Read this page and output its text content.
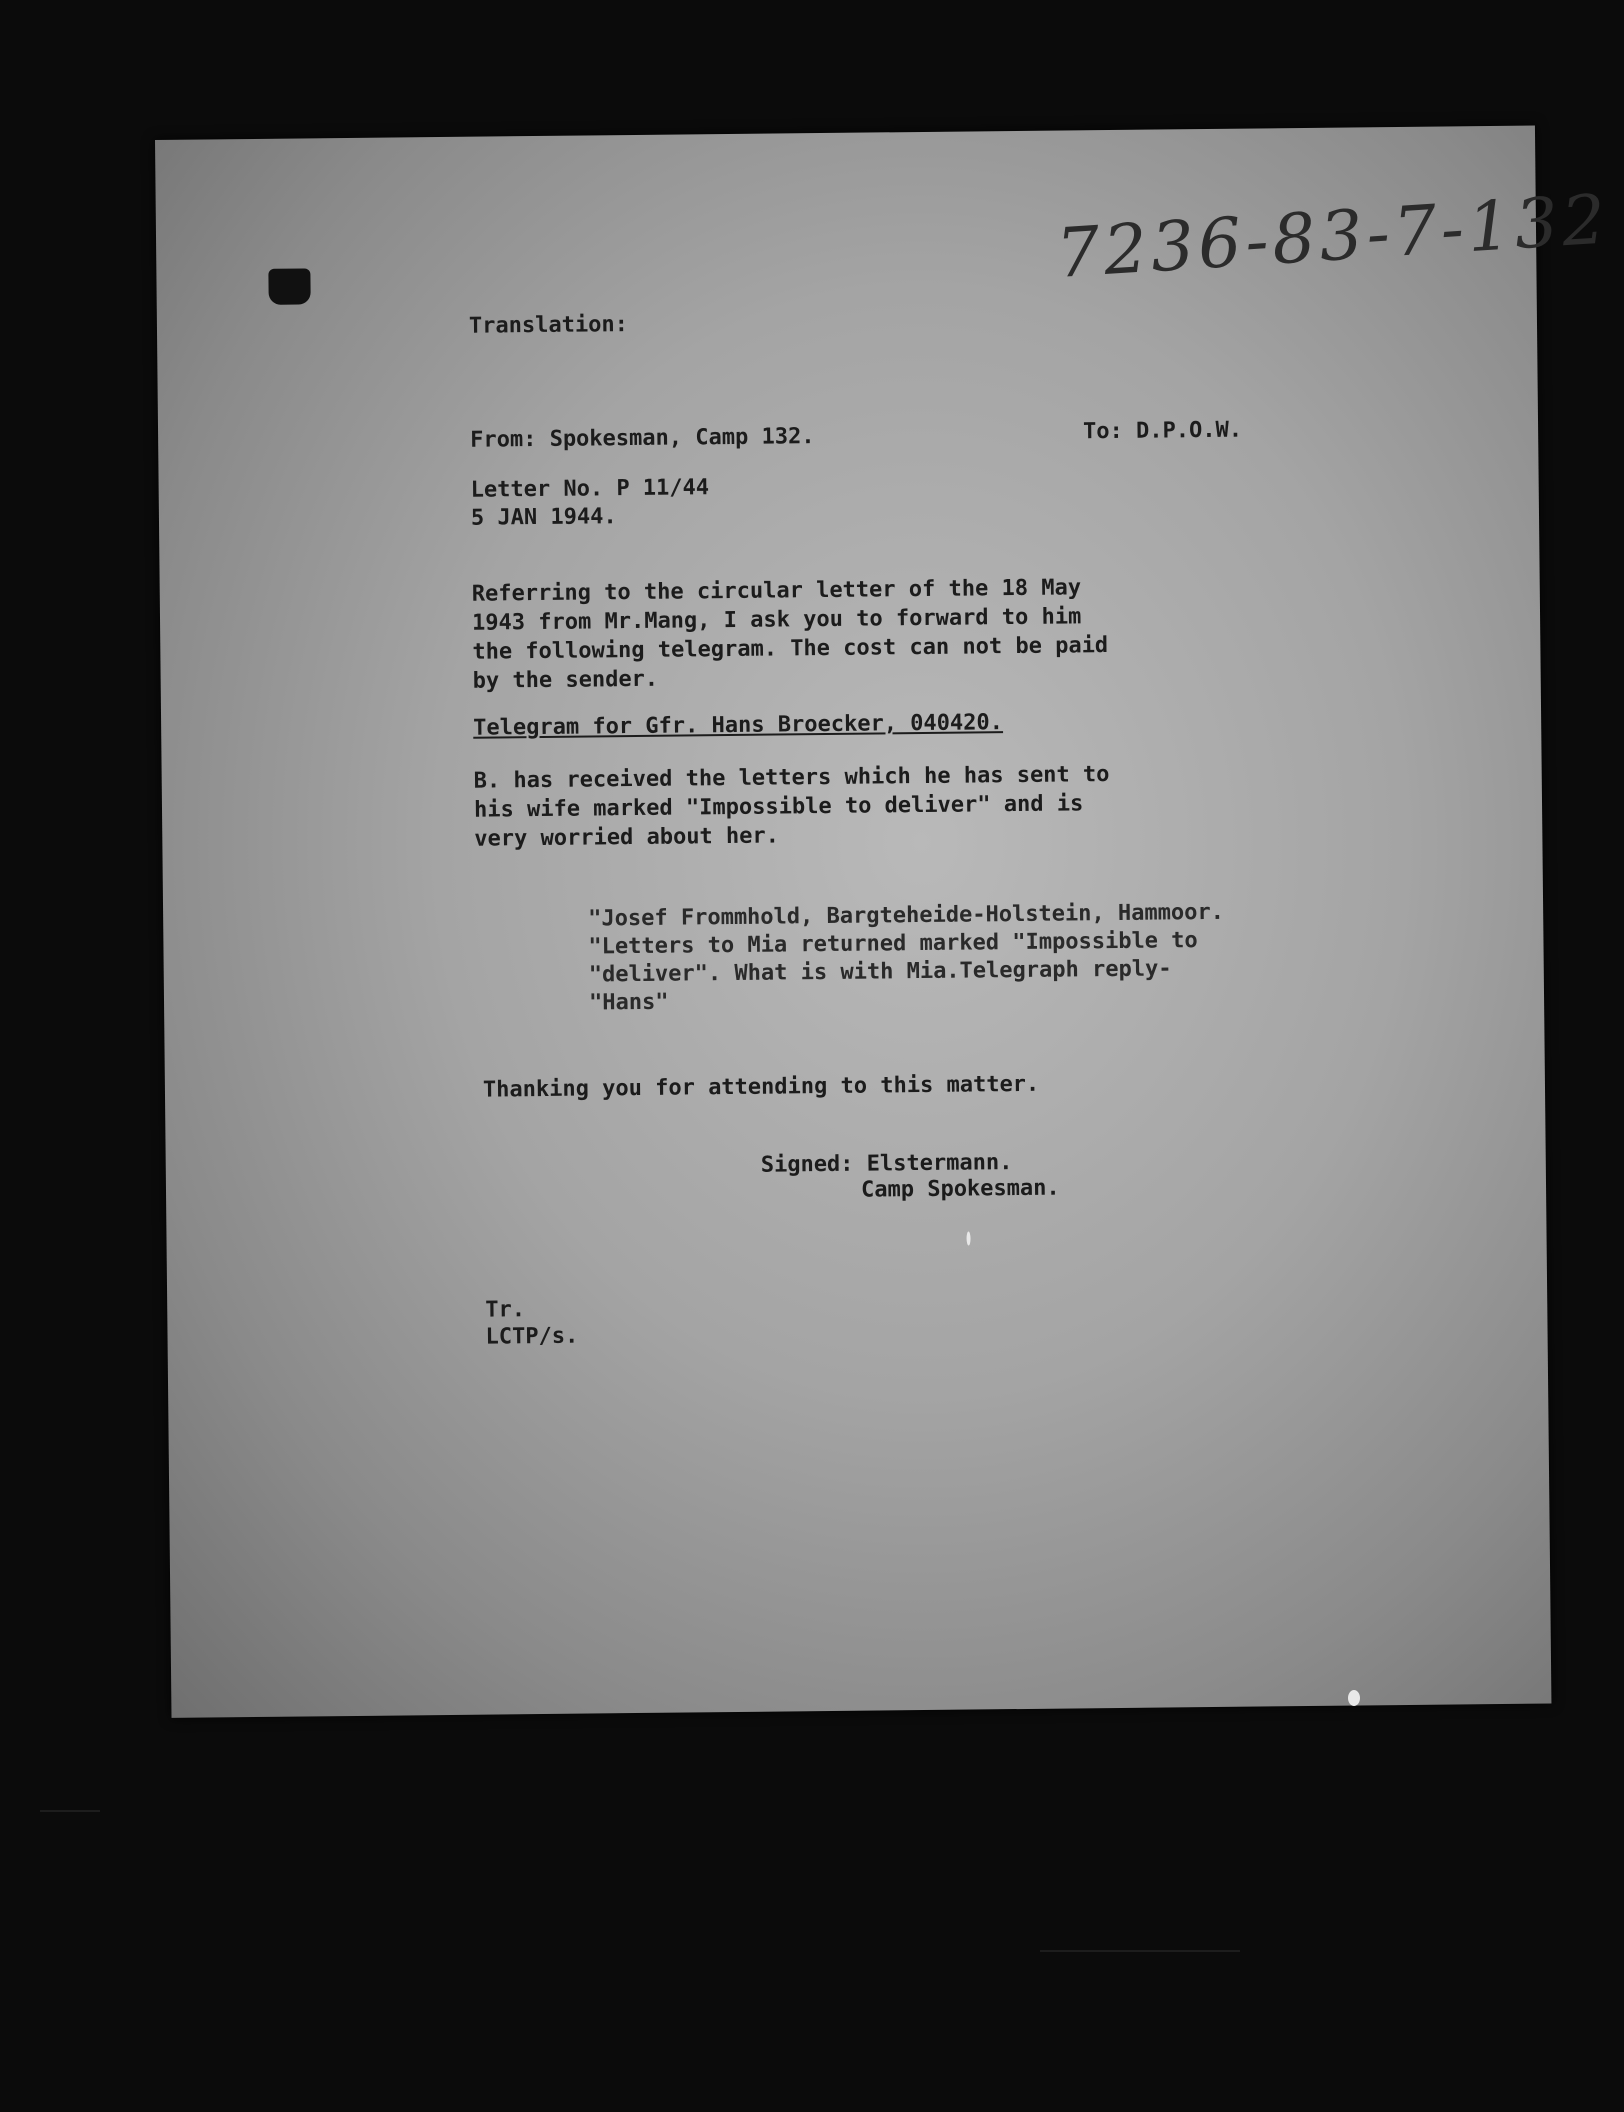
7236-83-7-132
Translation:
From: Spokesman, Camp 132.	To: D.P.O.W.
Letter No. P 11/44
5 JAN 1944.
Referring to the circular letter of the 18 May
1943 from Mr.Mang, I ask you to forward to him
the following telegram. The cost can not be paid
by the sender.
Telegram for Gfr. Hans Broecker, 040420.
B. has received the letters which he has sent to
his wife marked "Impossible to deliver" and is
very worried about her.
"Josef Frommhold, Bargteheide-Holstein, Hammoor.
"Letters to Mia returned marked "Impossible to
"deliver". What is with Mia.Telegraph reply-
"Hans"
Thanking you for attending to this matter.
Signed: Elstermann.
Camp Spokesman.
Tr.
LCTP/s.
